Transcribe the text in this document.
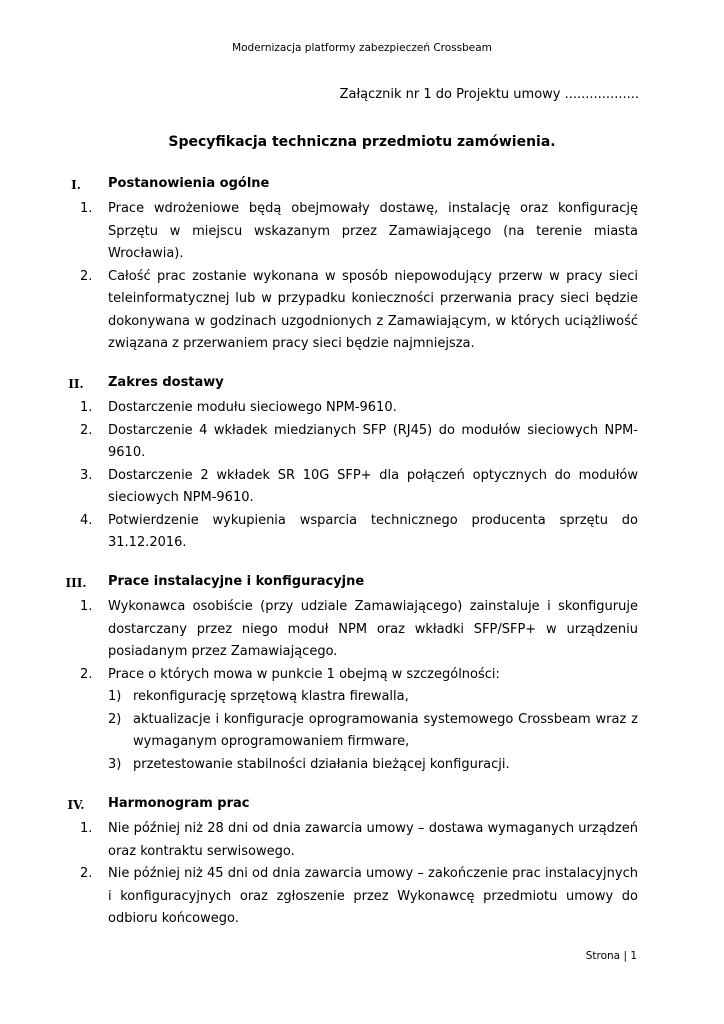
Modernizacja platformy zabezpieczeń Crossbeam
Załącznik nr 1 do Projektu umowy ..................
Specyfikacja techniczna przedmiotu zamówienia.
I.	Postanowienia ogólne
1.	Prace wdrożeniowe będą obejmowały dostawę, instalację oraz konfigurację Sprzętu w miejscu wskazanym przez Zamawiającego (na terenie miasta Wrocławia).
2.	Całość prac zostanie wykonana w sposób niepowodujący przerw w pracy sieci teleinformatycznej lub w przypadku konieczności przerwania pracy sieci będzie dokonywana w godzinach uzgodnionych z Zamawiającym, w których uciążliwość związana z przerwaniem pracy sieci będzie najmniejsza.
II.	Zakres dostawy
1.	Dostarczenie modułu sieciowego NPM-9610.
2.	Dostarczenie 4 wkładek miedzianych SFP (RJ45) do modułów sieciowych NPM-9610.
3.	Dostarczenie 2 wkładek SR 10G SFP+ dla połączeń optycznych do modułów sieciowych NPM-9610.
4.	Potwierdzenie wykupienia wsparcia technicznego producenta sprzętu do 31.12.2016.
III.	Prace instalacyjne i konfiguracyjne
1.	Wykonawca osobiście (przy udziale Zamawiającego) zainstaluje i skonfiguruje dostarczany przez niego moduł NPM oraz wkładki SFP/SFP+ w urządzeniu posiadanym przez Zamawiającego.
2.	Prace o których mowa w punkcie 1 obejmą w szczególności:
1) rekonfigurację sprzętową klastra firewalla,
2) aktualizacje i konfiguracje oprogramowania systemowego Crossbeam wraz z wymaganym oprogramowaniem firmware,
3) przetestowanie stabilności działania bieżącej konfiguracji.
IV.	Harmonogram prac
1.	Nie później niż 28 dni od dnia zawarcia umowy – dostawa wymaganych urządzeń oraz kontraktu serwisowego.
2.	Nie później niż 45 dni od dnia zawarcia umowy – zakończenie prac instalacyjnych i konfiguracyjnych oraz zgłoszenie przez Wykonawcę przedmiotu umowy do odbioru końcowego.
Strona | 1
